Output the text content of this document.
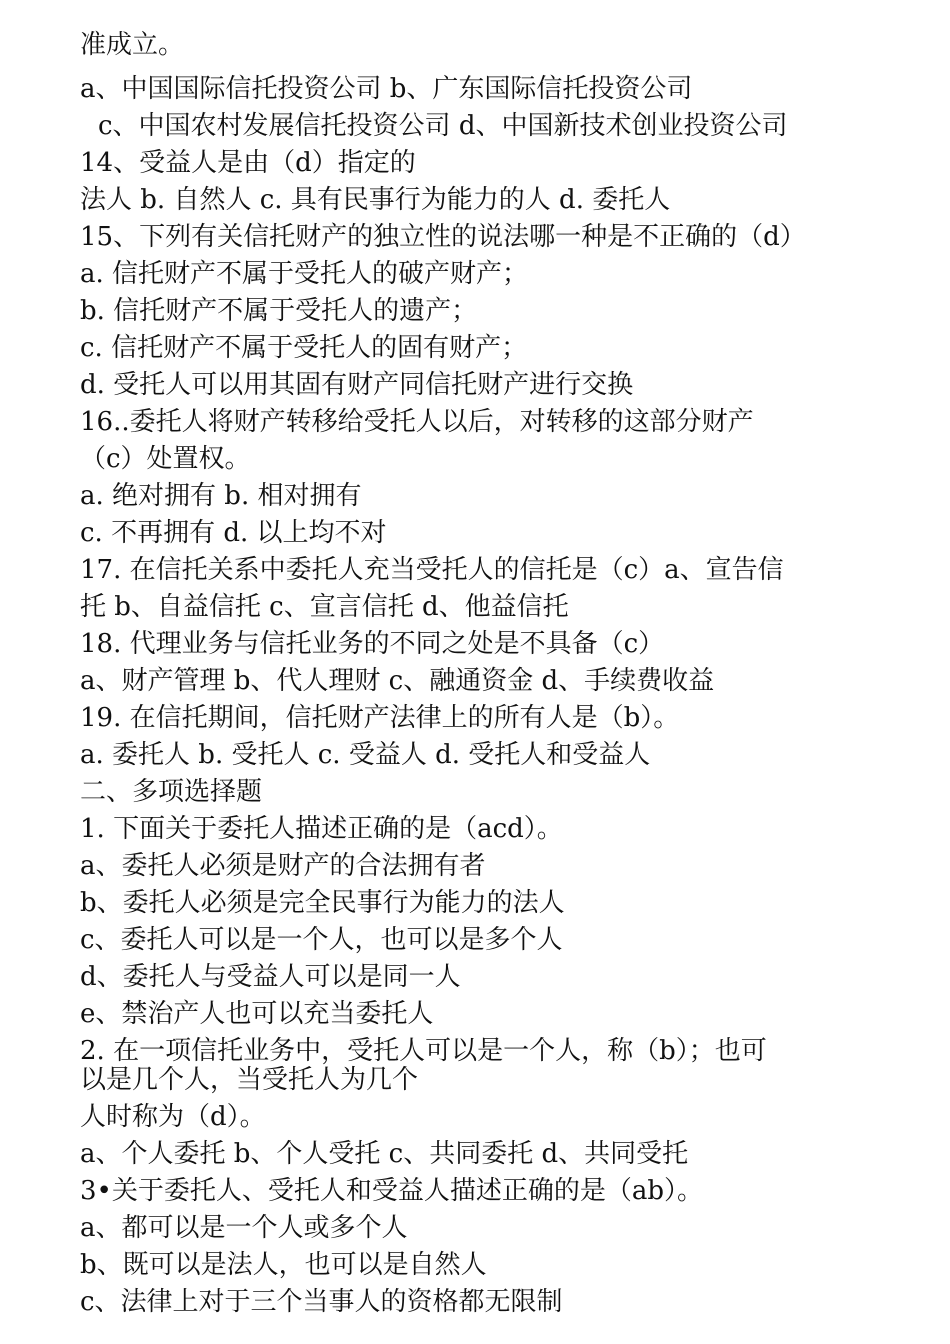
准成立。
a、中国国际信托投资公司 b、广东国际信托投资公司
c、中国农村发展信托投资公司 d、中国新技术创业投资公司
14、受益人是由（d）指定的
法人 b. 自然人 c. 具有民事行为能力的人 d. 委托人
15、下列有关信托财产的独立性的说法哪一种是不正确的（d）
a. 信托财产不属于受托人的破产财产；
b. 信托财产不属于受托人的遗产；
c. 信托财产不属于受托人的固有财产；
d. 受托人可以用其固有财产同信托财产进行交换
16..委托人将财产转移给受托人以后，对转移的这部分财产
（c）处置权。
a. 绝对拥有 b. 相对拥有
c. 不再拥有 d. 以上均不对
17. 在信托关系中委托人充当受托人的信托是（c）a、宣告信
托 b、自益信托 c、宣言信托 d、他益信托
18. 代理业务与信托业务的不同之处是不具备（c）
a、财产管理 b、代人理财 c、融通资金 d、手续费收益
19. 在信托期间，信托财产法律上的所有人是（b）。
a. 委托人 b. 受托人 c. 受益人 d. 受托人和受益人
二、多项选择题
1. 下面关于委托人描述正确的是（acd）。
a、委托人必须是财产的合法拥有者
b、委托人必须是完全民事行为能力的法人
c、委托人可以是一个人，也可以是多个人
d、委托人与受益人可以是同一人
e、禁治产人也可以充当委托人
2. 在一项信托业务中，受托人可以是一个人，称（b）；也可
以是几个人，当受托人为几个
人时称为（d）。
a、个人委托 b、个人受托 c、共同委托 d、共同受托
3•关于委托人、受托人和受益人描述正确的是（ab）。
a、都可以是一个人或多个人
b、既可以是法人，也可以是自然人
c、法律上对于三个当事人的资格都无限制
